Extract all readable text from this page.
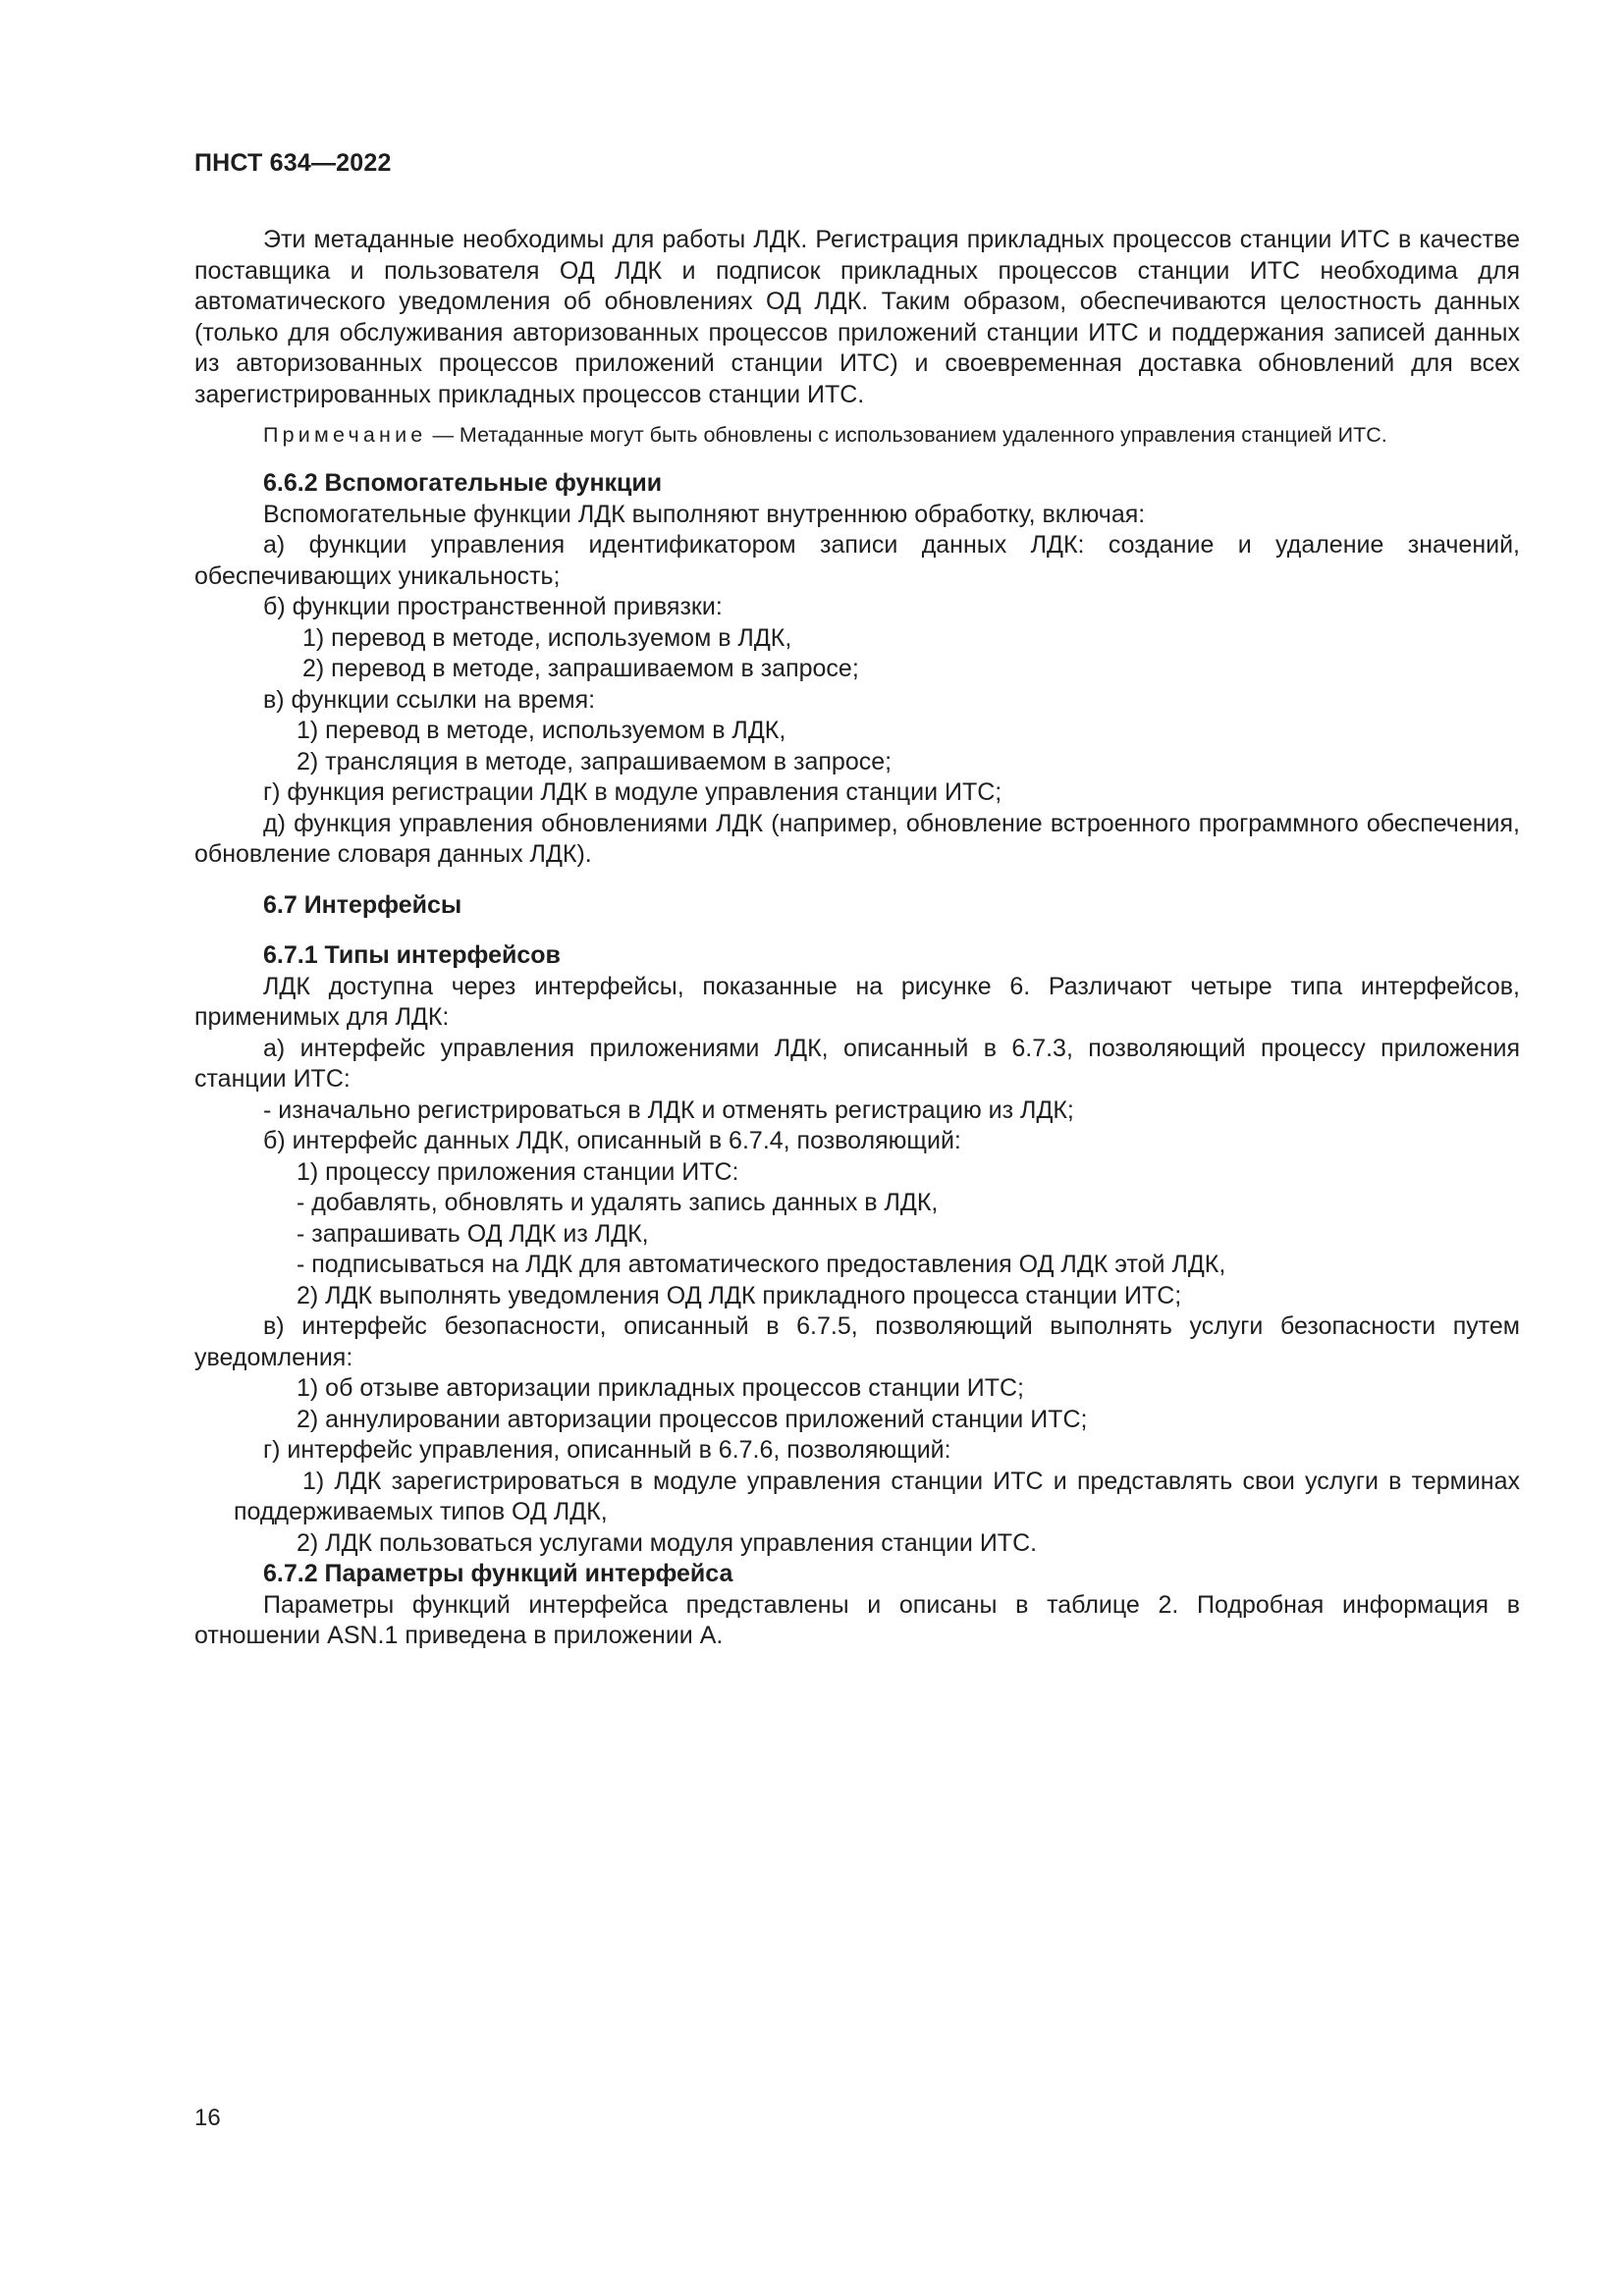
ПНСТ 634—2022

Эти метаданные необходимы для работы ЛДК. Регистрация прикладных процессов станции ИТС в качестве поставщика и пользователя ОД ЛДК и подписок прикладных процессов станции ИТС необходима для автоматического уведомления об обновлениях ОД ЛДК. Таким образом, обеспечиваются целостность данных (только для обслуживания авторизованных процессов приложений станции ИТС и поддержания записей данных из авторизованных процессов приложений станции ИТС) и своевременная доставка обновлений для всех зарегистрированных прикладных процессов станции ИТС.

Примечание — Метаданные могут быть обновлены с использованием удаленного управления станцией ИТС.

6.6.2 Вспомогательные функции

Вспомогательные функции ЛДК выполняют внутреннюю обработку, включая:

а) функции управления идентификатором записи данных ЛДК: создание и удаление значений, обеспечивающих уникальность;

б) функции пространственной привязки:

1) перевод в методе, используемом в ЛДК,

2) перевод в методе, запрашиваемом в запросе;

в) функции ссылки на время:

1) перевод в методе, используемом в ЛДК,

2) трансляция в методе, запрашиваемом в запросе;

г) функция регистрации ЛДК в модуле управления станции ИТС;

д) функция управления обновлениями ЛДК (например, обновление встроенного программного обеспечения, обновление словаря данных ЛДК).

6.7 Интерфейсы

6.7.1 Типы интерфейсов

ЛДК доступна через интерфейсы, показанные на рисунке 6. Различают четыре типа интерфейсов, применимых для ЛДК:

а) интерфейс управления приложениями ЛДК, описанный в 6.7.3, позволяющий процессу приложения станции ИТС:

- изначально регистрироваться в ЛДК и отменять регистрацию из ЛДК;

б) интерфейс данных ЛДК, описанный в 6.7.4, позволяющий:

1) процессу приложения станции ИТС:

- добавлять, обновлять и удалять запись данных в ЛДК,

- запрашивать ОД ЛДК из ЛДК,

- подписываться на ЛДК для автоматического предоставления ОД ЛДК этой ЛДК,

2) ЛДК выполнять уведомления ОД ЛДК прикладного процесса станции ИТС;

в) интерфейс безопасности, описанный в 6.7.5, позволяющий выполнять услуги безопасности путем уведомления:

1) об отзыве авторизации прикладных процессов станции ИТС;

2) аннулировании авторизации процессов приложений станции ИТС;

г) интерфейс управления, описанный в 6.7.6, позволяющий:

1) ЛДК зарегистрироваться в модуле управления станции ИТС и представлять свои услуги в терминах поддерживаемых типов ОД ЛДК,

2) ЛДК пользоваться услугами модуля управления станции ИТС.

6.7.2 Параметры функций интерфейса

Параметры функций интерфейса представлены и описаны в таблице 2. Подробная информация в отношении ASN.1 приведена в приложении А.

16
